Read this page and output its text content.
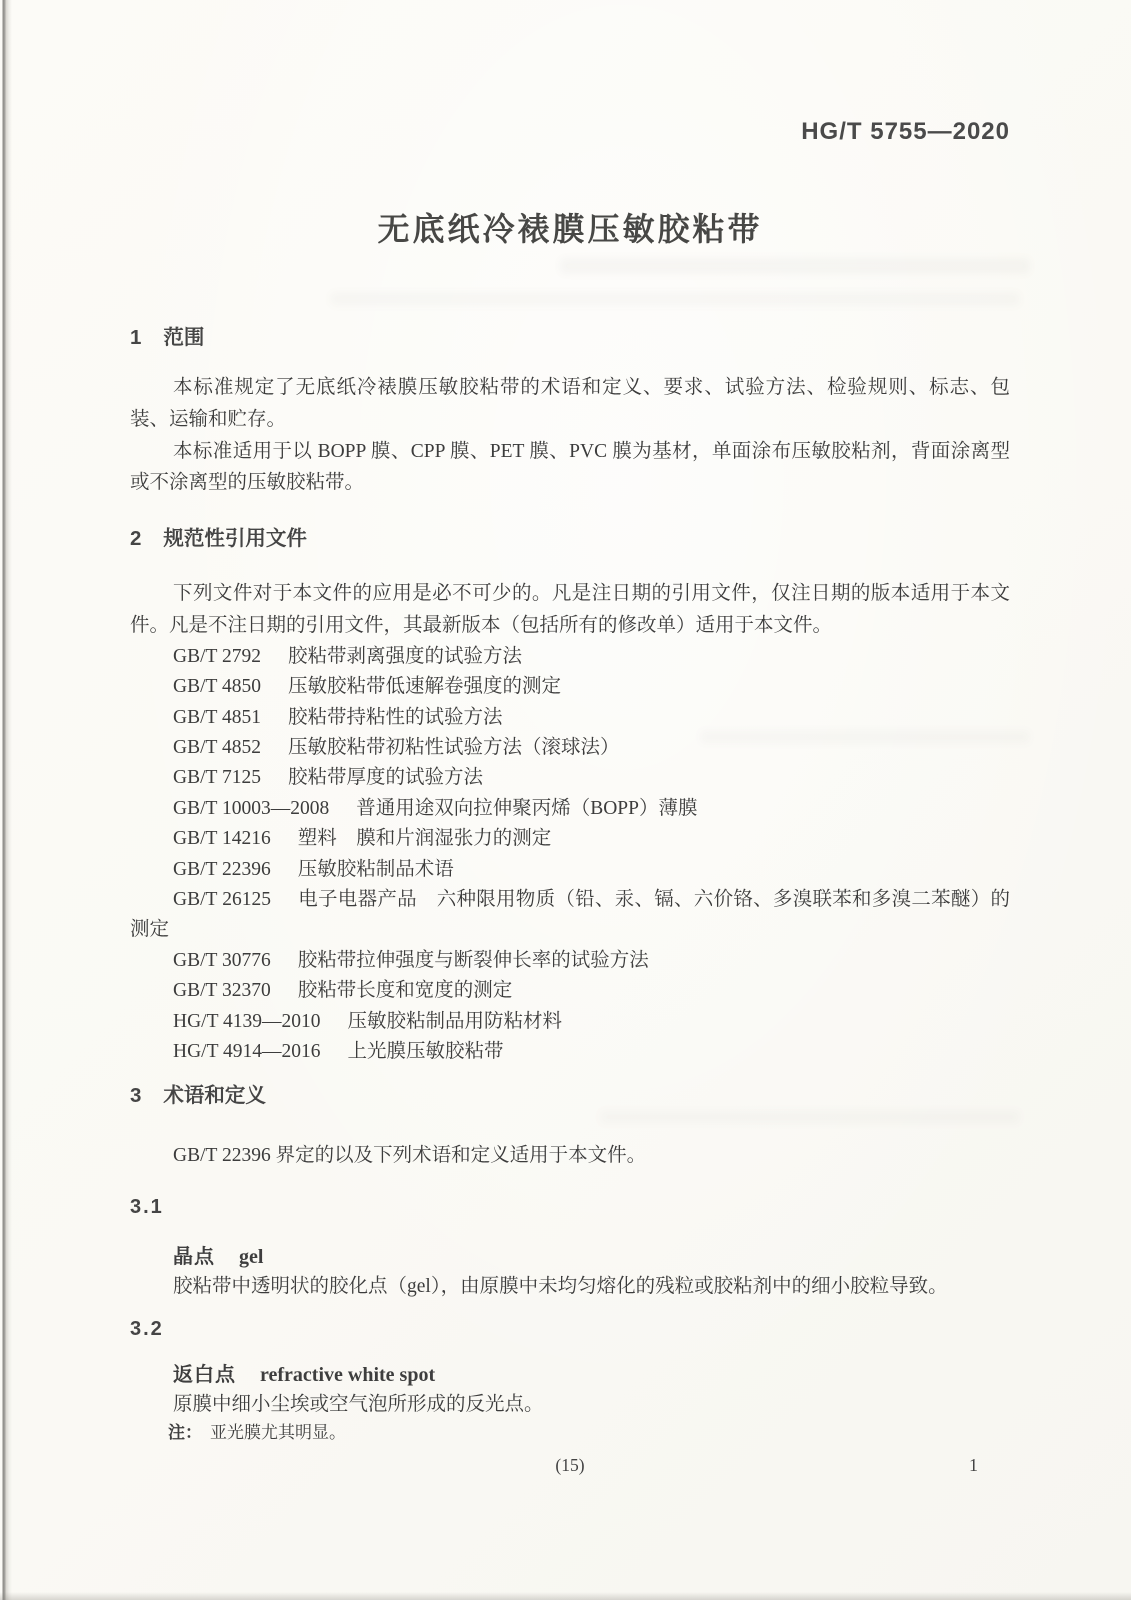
HG/T 5755—2020
无底纸冷裱膜压敏胶粘带

1 范围

本标准规定了无底纸冷裱膜压敏胶粘带的术语和定义、要求、试验方法、检验规则、标志、包装、运输和贮存。

本标准适用于以 BOPP 膜、CPP 膜、PET 膜、PVC 膜为基材，单面涂布压敏胶粘剂，背面涂离型或不涂离型的压敏胶粘带。

2 规范性引用文件

下列文件对于本文件的应用是必不可少的。凡是注日期的引用文件，仅注日期的版本适用于本文件。凡是不注日期的引用文件，其最新版本（包括所有的修改单）适用于本文件。

GB/T 2792 胶粘带剥离强度的试验方法

GB/T 4850 压敏胶粘带低速解卷强度的测定

GB/T 4851 胶粘带持粘性的试验方法

GB/T 4852 压敏胶粘带初粘性试验方法（滚球法）

GB/T 7125 胶粘带厚度的试验方法

GB/T 10003—2008 普通用途双向拉伸聚丙烯（BOPP）薄膜

GB/T 14216 塑料　膜和片润湿张力的测定

GB/T 22396 压敏胶粘制品术语

GB/T 26125 电子电器产品　六种限用物质（铅、汞、镉、六价铬、多溴联苯和多溴二苯醚）的测定

GB/T 30776 胶粘带拉伸强度与断裂伸长率的试验方法

GB/T 32370 胶粘带长度和宽度的测定

HG/T 4139—2010 压敏胶粘制品用防粘材料

HG/T 4914—2016 上光膜压敏胶粘带

3 术语和定义

GB/T 22396 界定的以及下列术语和定义适用于本文件。

3.1

晶点 gel

胶粘带中透明状的胶化点（gel），由原膜中未均匀熔化的残粒或胶粘剂中的细小胶粒导致。

3.2

返白点 refractive white spot

原膜中细小尘埃或空气泡所形成的反光点。

注： 亚光膜尤其明显。

(15)	1
